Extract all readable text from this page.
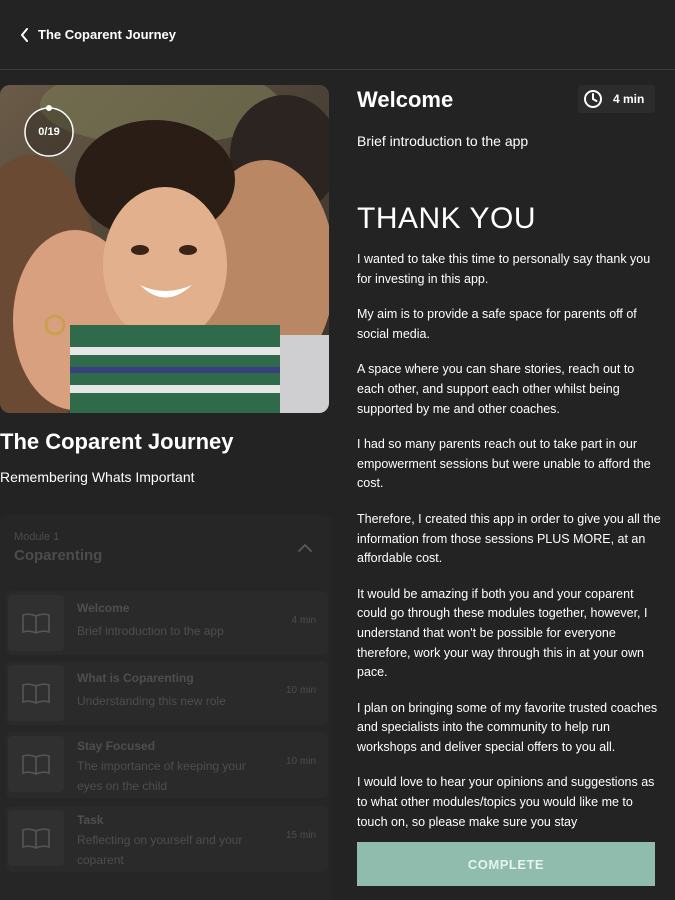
The Coparent Journey
0/19
The Coparent Journey
Remembering Whats Important
Module 1
Coparenting
Welcome
Brief introduction to the app
4 min
What is Coparenting
Understanding this new role
10 min
Stay Focused
The importance of keeping your eyes on the child
10 min
Task
Reflecting on yourself and your coparent
15 min
Welcome	4 min
Brief introduction to the app
THANK YOU

I wanted to take this time to personally say thank you for investing in this app.

My aim is to provide a safe space for parents off of social media.

A space where you can share stories, reach out to each other, and support each other whilst being supported by me and other coaches.

I had so many parents reach out to take part in our empowerment sessions but were unable to afford the cost.

Therefore, I created this app in order to give you all the information from those sessions PLUS MORE, at an affordable cost.

It would be amazing if both you and your coparent could go through these modules together, however, I understand that won't be possible for everyone therefore, work your way through this in at your own pace.

I plan on bringing some of my favorite trusted coaches and specialists into the community to help run workshops and deliver special offers to you all.

I would love to hear your opinions and suggestions as to what other modules/topics you would like me to touch on, so please make sure you stay

COMPLETE
